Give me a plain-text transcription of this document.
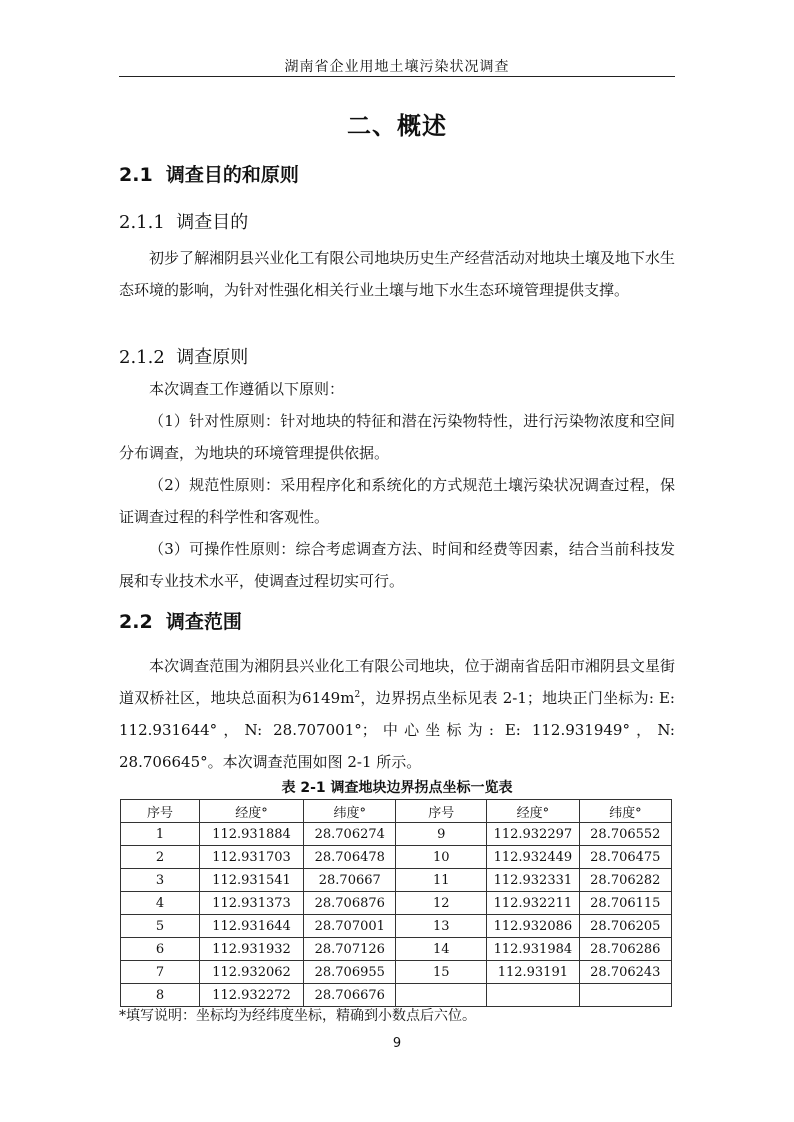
湖南省企业用地土壤污染状况调查
二、概述
2.1 调查目的和原则
2.1.1 调查目的
初步了解湘阴县兴业化工有限公司地块历史生产经营活动对地块土壤及地下水生态环境的影响，为针对性强化相关行业土壤与地下水生态环境管理提供支撑。
2.1.2 调查原则
本次调查工作遵循以下原则：
（1）针对性原则：针对地块的特征和潜在污染物特性，进行污染物浓度和空间分布调查，为地块的环境管理提供依据。
（2）规范性原则：采用程序化和系统化的方式规范土壤污染状况调查过程，保证调查过程的科学性和客观性。
（3）可操作性原则：综合考虑调查方法、时间和经费等因素，结合当前科技发展和专业技术水平，使调查过程切实可行。
2.2 调查范围
本次调查范围为湘阴县兴业化工有限公司地块，位于湖南省岳阳市湘阴县文星街道双桥社区，地块总面积为$6149m^2$，边界拐点坐标见表 2-1；地块正门坐标为: E: 112.931644°，N: 28.707001°；中心坐标为: E: 112.931949°，N: 28.706645°。本次调查范围如图 2-1 所示。
表 2-1 调查地块边界拐点坐标一览表
序号	经度°	纬度°	序号	经度°	纬度°
1	112.931884	28.706274	9	112.932297	28.706552
2	112.931703	28.706478	10	112.932449	28.706475
3	112.931541	28.70667	11	112.932331	28.706282
4	112.931373	28.706876	12	112.932211	28.706115
5	112.931644	28.707001	13	112.932086	28.706205
6	112.931932	28.707126	14	112.931984	28.706286
7	112.932062	28.706955	15	112.93191	28.706243
8	112.932272	28.706676			
*填写说明：坐标均为经纬度坐标，精确到小数点后六位。
9
